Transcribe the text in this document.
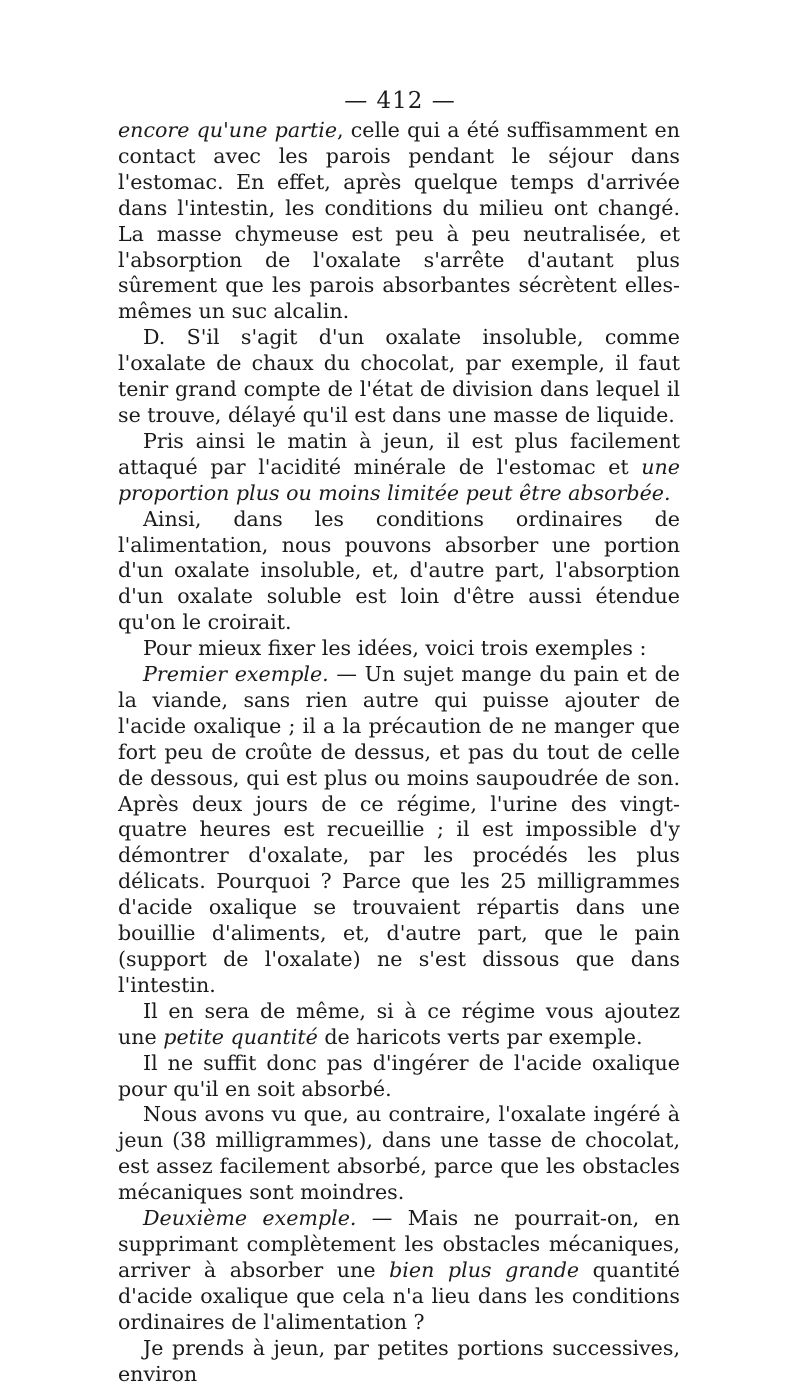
— 412 —

encore qu'une partie, celle qui a été suffisamment en contact avec les parois pendant le séjour dans l'estomac. En effet, après quelque temps d'arrivée dans l'intestin, les conditions du milieu ont changé. La masse chymeuse est peu à peu neutralisée, et l'absorption de l'oxalate s'arrête d'autant plus sûrement que les parois absorbantes sécrètent elles-mêmes un suc alcalin.

D. S'il s'agit d'un oxalate insoluble, comme l'oxalate de chaux du chocolat, par exemple, il faut tenir grand compte de l'état de division dans lequel il se trouve, délayé qu'il est dans une masse de liquide.

Pris ainsi le matin à jeun, il est plus facilement attaqué par l'acidité minérale de l'estomac et une proportion plus ou moins limitée peut être absorbée.

Ainsi, dans les conditions ordinaires de l'alimentation, nous pouvons absorber une portion d'un oxalate insoluble, et, d'autre part, l'absorption d'un oxalate soluble est loin d'être aussi étendue qu'on le croirait.

Pour mieux fixer les idées, voici trois exemples :

Premier exemple. — Un sujet mange du pain et de la viande, sans rien autre qui puisse ajouter de l'acide oxalique ; il a la précaution de ne manger que fort peu de croûte de dessus, et pas du tout de celle de dessous, qui est plus ou moins saupoudrée de son. Après deux jours de ce régime, l'urine des vingt-quatre heures est recueillie ; il est impossible d'y démontrer d'oxalate, par les procédés les plus délicats. Pourquoi ? Parce que les 25 milligrammes d'acide oxalique se trouvaient répartis dans une bouillie d'aliments, et, d'autre part, que le pain (support de l'oxalate) ne s'est dissous que dans l'intestin.

Il en sera de même, si à ce régime vous ajoutez une petite quantité de haricots verts par exemple.

Il ne suffit donc pas d'ingérer de l'acide oxalique pour qu'il en soit absorbé.

Nous avons vu que, au contraire, l'oxalate ingéré à jeun (38 milligrammes), dans une tasse de chocolat, est assez facilement absorbé, parce que les obstacles mécaniques sont moindres.

Deuxième exemple. — Mais ne pourrait-on, en supprimant complètement les obstacles mécaniques, arriver à absorber une bien plus grande quantité d'acide oxalique que cela n'a lieu dans les conditions ordinaires de l'alimentation ?

Je prends à jeun, par petites portions successives, environ
